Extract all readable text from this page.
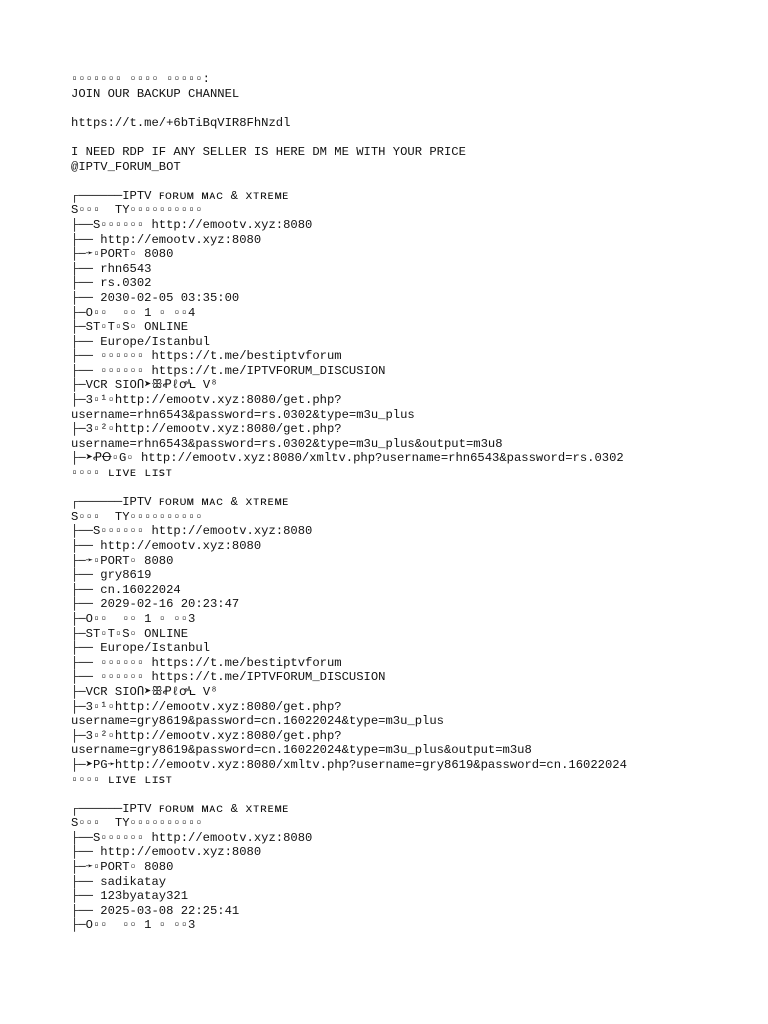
▫▫▫▫▫▫▫ ▫▫▫▫ ▫▫▫▫▫:
JOIN OUR BACKUP CHANNEL
https://t.me/+6bTiBqVIR8FhNzdl
I NEED RDP IF ANY SELLER IS HERE DM ME WITH YOUR PRICE
@IPTV_FORUM_BOT
┌──────IPTV ꜰᴏʀᴜᴍ ᴍᴀᴄ & xᴛʀᴇᴍᴇ
S▫▫▫  TY▫▫▫▫▫▫▫▫▫▫
├──S▫▫▫▫▫▫ http://emootv.xyz:8080
├── http://emootv.xyz:8080
├─➛▫PORT▫ 8080
├── rhn6543
├── rs.0302
├── 2030-02-05 03:35:00
├─O▫▫  ▫▫ 1 ▫ ▫▫4
├─ST▫T▫S▫ ONLINE
├── Europe/Istanbul
├── ▫▫▫▫▫▫ https://t.me/bestiptvforum
├── ▫▫▫▫▫▫ https://t.me/IPTVFORUM_DISCUSION
├─VCR SIOՈ➤ꕥꝒℓꝍꝆ V⁸
├─3▫¹▫http://emootv.xyz:8080/get.php?
username=rhn6543&password=rs.0302&type=m3u_plus
├─3▫²▫http://emootv.xyz:8080/get.php?
username=rhn6543&password=rs.0302&type=m3u_plus&output=m3u8
├─➤ꝒꝊ▫G▫ http://emootv.xyz:8080/xmltv.php?username=rhn6543&password=rs.0302
▫▫▫▫ ʟɪᴠᴇ ʟɪꜱᴛ
┌──────IPTV ꜰᴏʀᴜᴍ ᴍᴀᴄ & xᴛʀᴇᴍᴇ
S▫▫▫  TY▫▫▫▫▫▫▫▫▫▫
├──S▫▫▫▫▫▫ http://emootv.xyz:8080
├── http://emootv.xyz:8080
├─➛▫PORT▫ 8080
├── gry8619
├── cn.16022024
├── 2029-02-16 20:23:47
├─O▫▫  ▫▫ 1 ▫ ▫▫3
├─ST▫T▫S▫ ONLINE
├── Europe/Istanbul
├── ▫▫▫▫▫▫ https://t.me/bestiptvforum
├── ▫▫▫▫▫▫ https://t.me/IPTVFORUM_DISCUSION
├─VCR SIOՈ➤ꕥꝒℓꝍꝆ V⁸
├─3▫¹▫http://emootv.xyz:8080/get.php?
username=gry8619&password=cn.16022024&type=m3u_plus
├─3▫²▫http://emootv.xyz:8080/get.php?
username=gry8619&password=cn.16022024&type=m3u_plus&output=m3u8
├─➤PG➛http://emootv.xyz:8080/xmltv.php?username=gry8619&password=cn.16022024
▫▫▫▫ ʟɪᴠᴇ ʟɪꜱᴛ
┌──────IPTV ꜰᴏʀᴜᴍ ᴍᴀᴄ & xᴛʀᴇᴍᴇ
S▫▫▫  TY▫▫▫▫▫▫▫▫▫▫
├──S▫▫▫▫▫▫ http://emootv.xyz:8080
├── http://emootv.xyz:8080
├─➛▫PORT▫ 8080
├── sadikatay
├── 123byatay321
├── 2025-03-08 22:25:41
├─O▫▫  ▫▫ 1 ▫ ▫▫3
